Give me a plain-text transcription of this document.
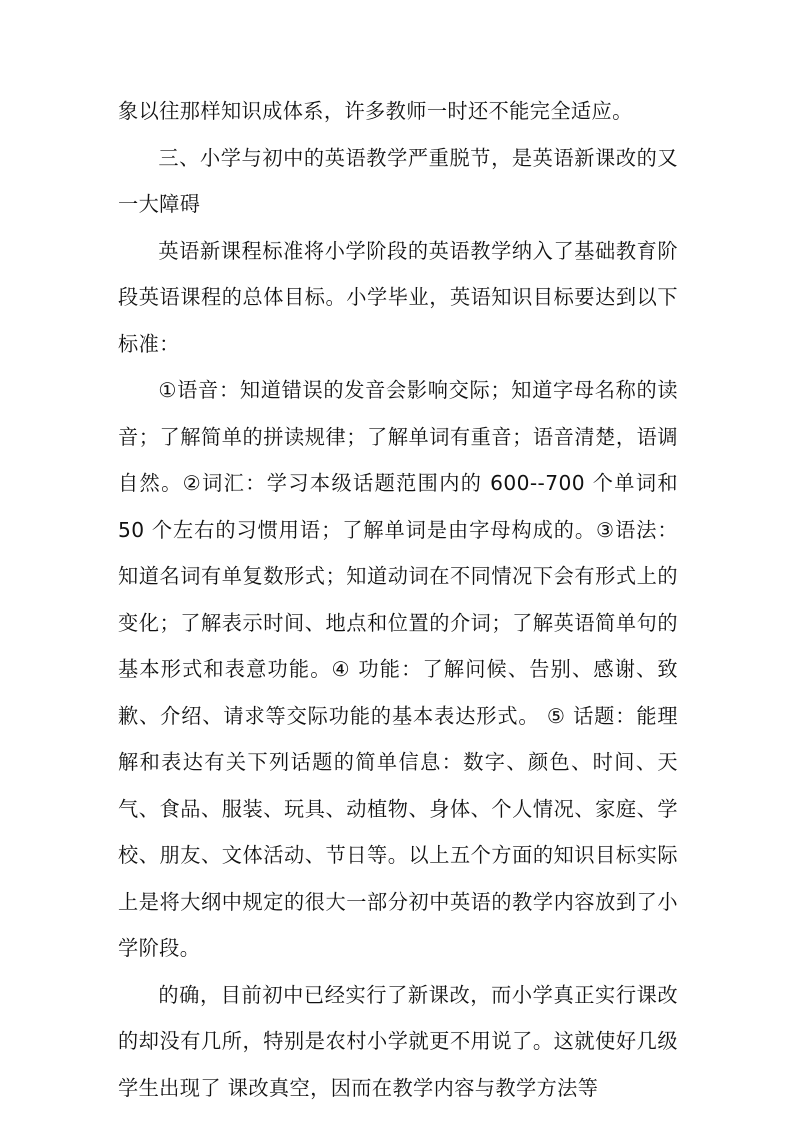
象以往那样知识成体系，许多教师一时还不能完全适应。

三、小学与初中的英语教学严重脱节，是英语新课改的又一大障碍

英语新课程标准将小学阶段的英语教学纳入了基础教育阶段英语课程的总体目标。小学毕业，英语知识目标要达到以下标准：

①语音：知道错误的发音会影响交际；知道字母名称的读音；了解简单的拼读规律；了解单词有重音；语音清楚，语调自然。②词汇：学习本级话题范围内的 600--700 个单词和 50 个左右的习惯用语；了解单词是由字母构成的。③语法：知道名词有单复数形式；知道动词在不同情况下会有形式上的变化；了解表示时间、地点和位置的介词；了解英语简单句的基本形式和表意功能。④ 功能：了解问候、告别、感谢、致歉、介绍、请求等交际功能的基本表达形式。 ⑤ 话题：能理解和表达有关下列话题的简单信息：数字、颜色、时间、天气、食品、服装、玩具、动植物、身体、个人情况、家庭、学校、朋友、文体活动、节日等。以上五个方面的知识目标实际上是将大纲中规定的很大一部分初中英语的教学内容放到了小学阶段。

的确，目前初中已经实行了新课改，而小学真正实行课改的却没有几所，特别是农村小学就更不用说了。这就使好几级学生出现了 课改真空，因而在教学内容与教学方法等
